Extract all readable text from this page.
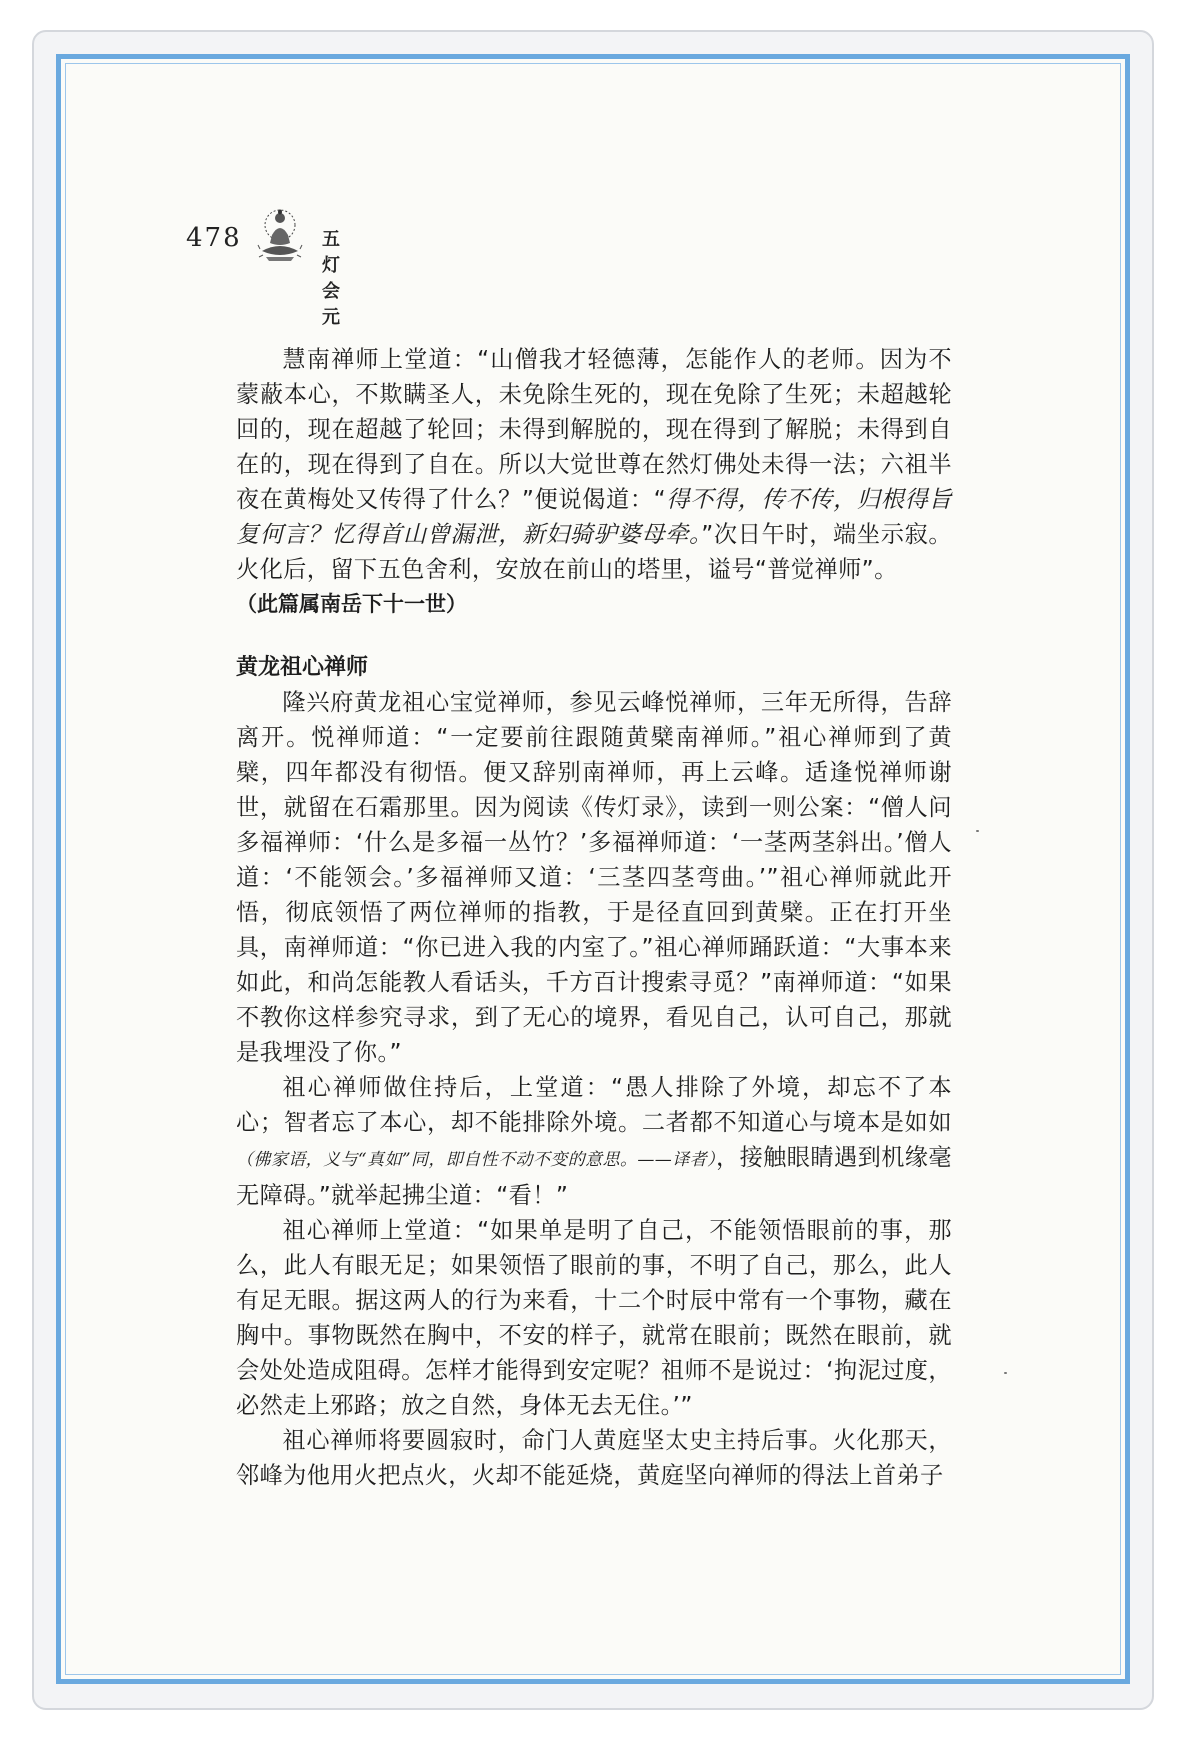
478	五灯会元

慧南禅师上堂道：“山僧我才轻德薄，怎能作人的老师。因为不蒙蔽本心，不欺瞒圣人，未免除生死的，现在免除了生死；未超越轮回的，现在超越了轮回；未得到解脱的，现在得到了解脱；未得到自在的，现在得到了自在。所以大觉世尊在然灯佛处未得一法；六祖半夜在黄梅处又传得了什么？”便说偈道：“得不得，传不传，归根得旨复何言？忆得首山曾漏泄，新妇骑驴婆母牵。”次日午时，端坐示寂。火化后，留下五色舍利，安放在前山的塔里，谥号“普觉禅师”。

（此篇属南岳下十一世）

黄龙祖心禅师

隆兴府黄龙祖心宝觉禅师，参见云峰悦禅师，三年无所得，告辞离开。悦禅师道：“一定要前往跟随黄檗南禅师。”祖心禅师到了黄檗，四年都没有彻悟。便又辞别南禅师，再上云峰。适逢悦禅师谢世，就留在石霜那里。因为阅读《传灯录》，读到一则公案：“僧人问多福禅师：‘什么是多福一丛竹？’多福禅师道：‘一茎两茎斜出。’僧人道：‘不能领会。’多福禅师又道：‘三茎四茎弯曲。’”祖心禅师就此开悟，彻底领悟了两位禅师的指教，于是径直回到黄檗。正在打开坐具，南禅师道：“你已进入我的内室了。”祖心禅师踊跃道：“大事本来如此，和尚怎能教人看话头，千方百计搜索寻觅？”南禅师道：“如果不教你这样参究寻求，到了无心的境界，看见自己，认可自己，那就是我埋没了你。”

祖心禅师做住持后，上堂道：“愚人排除了外境，却忘不了本心；智者忘了本心，却不能排除外境。二者都不知道心与境本是如如（佛家语，义与“真如”同，即自性不动不变的意思。——译者），接触眼睛遇到机缘毫无障碍。”就举起拂尘道：“看！”

祖心禅师上堂道：“如果单是明了自己，不能领悟眼前的事，那么，此人有眼无足；如果领悟了眼前的事，不明了自己，那么，此人有足无眼。据这两人的行为来看，十二个时辰中常有一个事物，藏在胸中。事物既然在胸中，不安的样子，就常在眼前；既然在眼前，就会处处造成阻碍。怎样才能得到安定呢？祖师不是说过：‘拘泥过度，必然走上邪路；放之自然，身体无去无住。’”

祖心禅师将要圆寂时，命门人黄庭坚太史主持后事。火化那天，邻峰为他用火把点火，火却不能延烧，黄庭坚向禅师的得法上首弟子
